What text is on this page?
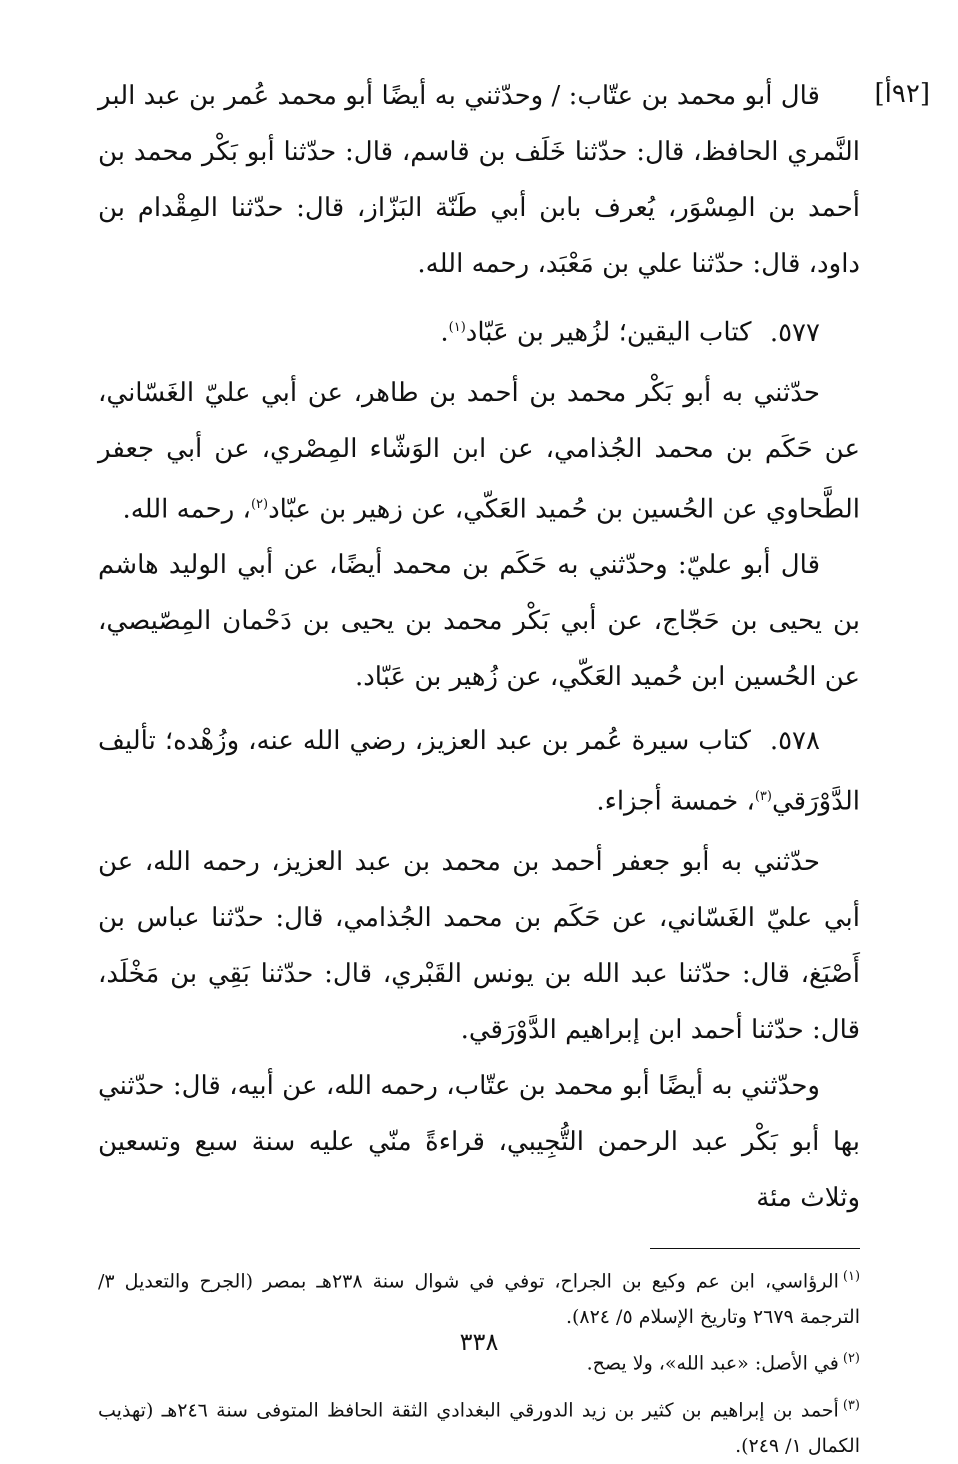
[٩٢أ]

قال أبو محمد بن عتّاب: / وحدّثني به أيضًا أبو محمد عُمر بن عبد البر النَّمري الحافظ، قال: حدّثنا خَلَف بن قاسم، قال: حدّثنا أبو بَكْر محمد بن أحمد بن المِسْوَر، يُعرف بابن أبي طَنّة البَزّاز، قال: حدّثنا المِقْدام بن داود، قال: حدّثنا علي بن مَعْبَد، رحمه الله.

٥٧٧. كتاب اليقين؛ لزُهير بن عَبّاد$^{(١)}$.

حدّثني به أبو بَكْر محمد بن أحمد بن طاهر، عن أبي عليّ الغَسّاني، عن حَكَم بن محمد الجُذامي، عن ابن الوَشّاء المِصْري، عن أبي جعفر الطَّحاوي عن الحُسين بن حُميد العَكّي، عن زهير بن عبّاد$^{(٢)}$، رحمه الله.

قال أبو عليّ: وحدّثني به حَكَم بن محمد أيضًا، عن أبي الوليد هاشم بن يحيى بن حَجّاج، عن أبي بَكْر محمد بن يحيى بن دَحْمان المِصّيصي، عن الحُسين ابن حُميد العَكّي، عن زُهير بن عَبّاد.

٥٧٨. كتاب سيرة عُمر بن عبد العزيز، رضي الله عنه، وزُهْده؛ تأليف الدَّوْرَقي$^{(٣)}$، خمسة أجزاء.

حدّثني به أبو جعفر أحمد بن محمد بن عبد العزيز، رحمه الله، عن أبي عليّ الغَسّاني، عن حَكَم بن محمد الجُذامي، قال: حدّثنا عباس بن أَصْبَغ، قال: حدّثنا عبد الله بن يونس القَبْري، قال: حدّثنا بَقِي بن مَخْلَد، قال: حدّثنا أحمد ابن إبراهيم الدَّوْرَقي.

وحدّثني به أيضًا أبو محمد بن عتّاب، رحمه الله، عن أبيه، قال: حدّثني بها أبو بَكْر عبد الرحمن التُّجِيبي، قراءةً منّي عليه سنة سبع وتسعين وثلاث مئة

$^{(١)}$الرؤاسي، ابن عم وكيع بن الجراح، توفي في شوال سنة ٢٣٨هـ بمصر (الجرح والتعديل ٣/ الترجمة ٢٦٧٩ وتاريخ الإسلام ٥/ ٨٢٤).

$^{(٢)}$في الأصل: «عبد الله»، ولا يصح.

$^{(٣)}$أحمد بن إبراهيم بن كثير بن زيد الدورقي البغدادي الثقة الحافظ المتوفى سنة ٢٤٦هـ (تهذيب الكمال ١/ ٢٤٩).

٣٣٨
